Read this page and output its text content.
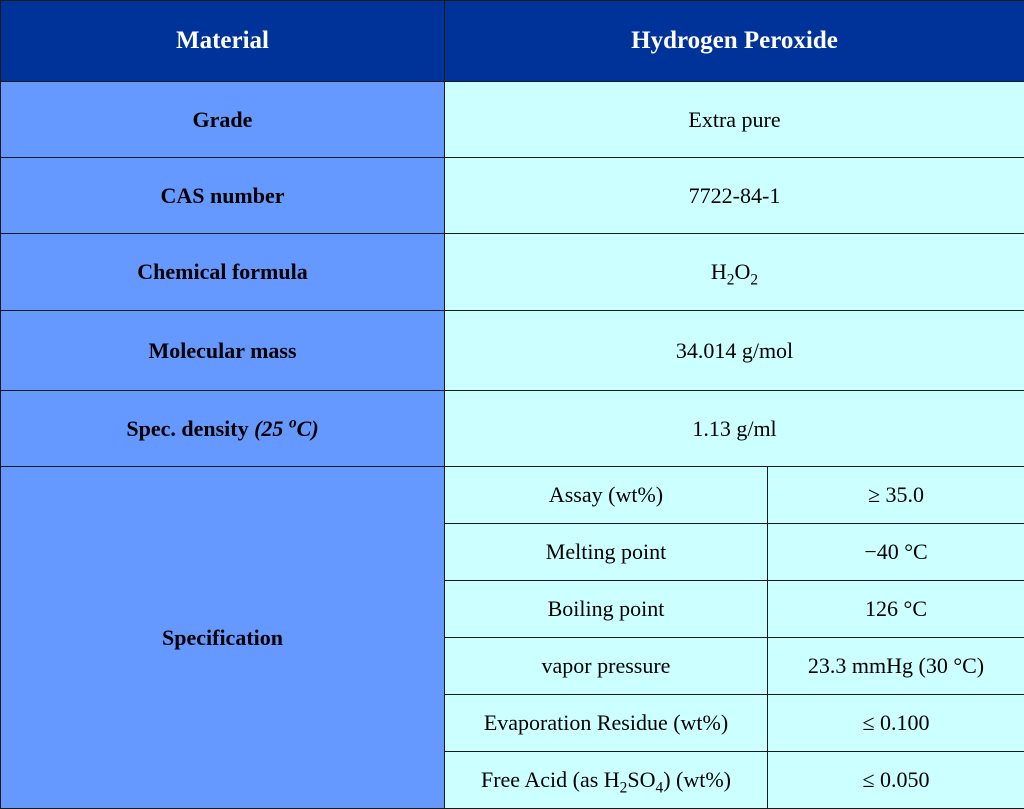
Material	Hydrogen Peroxide	
Grade	Extra pure	
CAS number	7722-84-1	
Chemical formula	$H_2O_2$
Molecular mass	34.014 g/mol	
Spec. density (25 $^o$C)	1.13 g/ml	
Specification	Assay (wt%)	≥ 35.0
	Melting point	−40 °C
	Boiling point	126 °C
	vapor pressure	23.3 mmHg (30 °C)
	Evaporation Residue (wt%)	≤ 0.100
	Free Acid (as $H_2SO_4$) (wt%)	≤ 0.050
